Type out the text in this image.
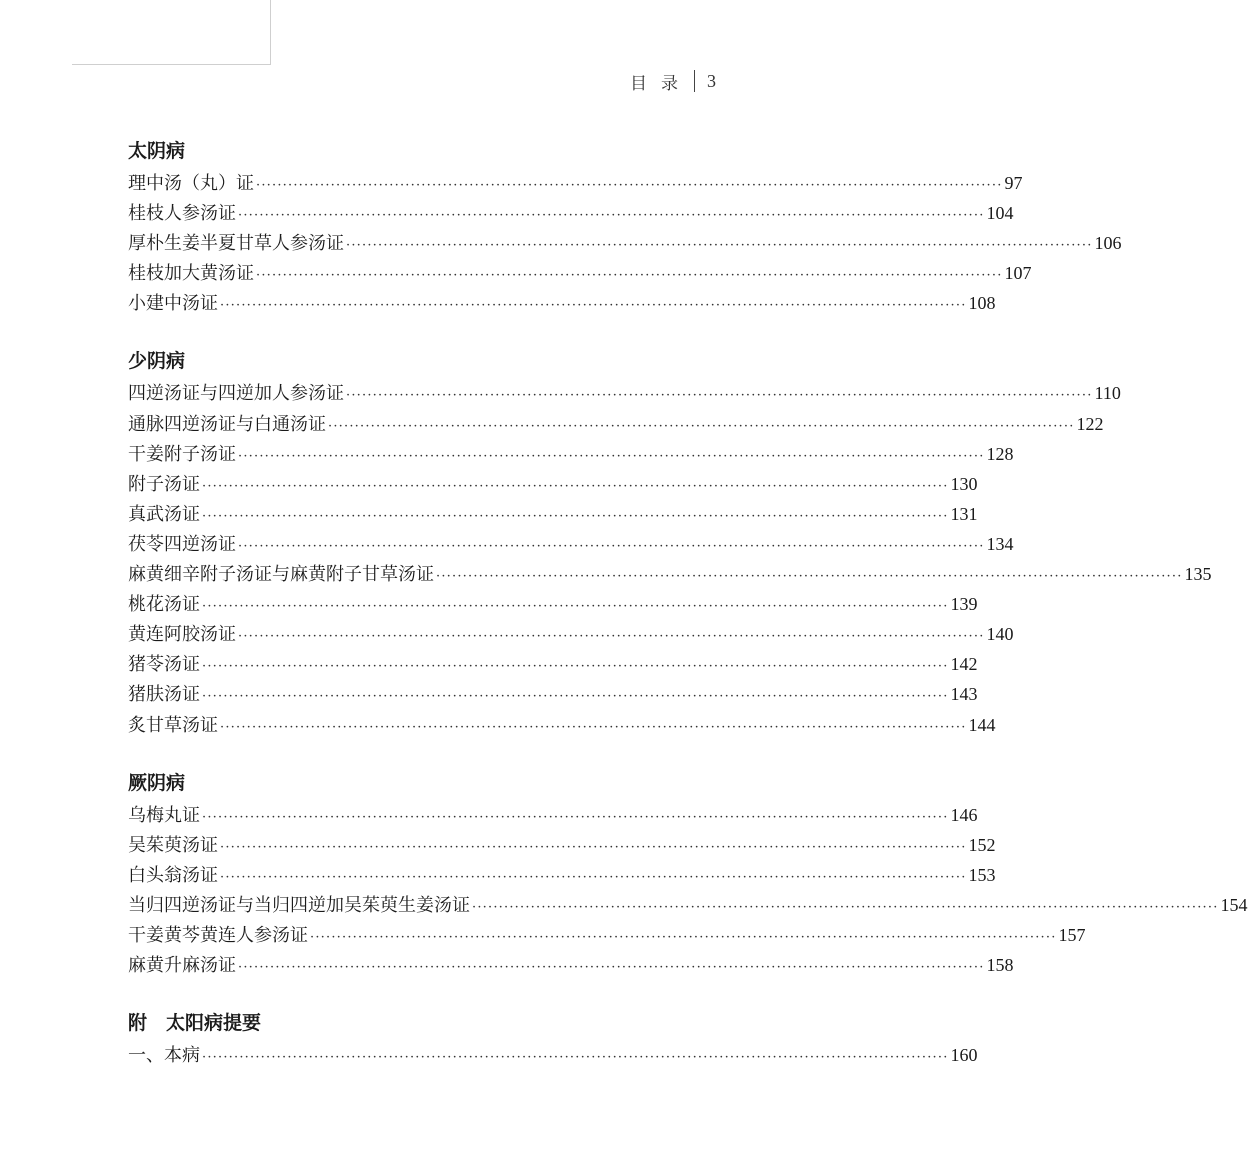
目录 3
太阴病
理中汤（丸）证 ············································································································································ 97
桂枝人参汤证 ············································································································································ 104
厚朴生姜半夏甘草人参汤证 ············································································································································ 106
桂枝加大黄汤证 ············································································································································ 107
小建中汤证 ············································································································································ 108
少阴病
四逆汤证与四逆加人参汤证 ············································································································································ 110
通脉四逆汤证与白通汤证 ············································································································································ 122
干姜附子汤证 ············································································································································ 128
附子汤证 ············································································································································ 130
真武汤证 ············································································································································ 131
茯苓四逆汤证 ············································································································································ 134
麻黄细辛附子汤证与麻黄附子甘草汤证 ············································································································································ 135
桃花汤证 ············································································································································ 139
黄连阿胶汤证 ············································································································································ 140
猪苓汤证 ············································································································································ 142
猪肤汤证 ············································································································································ 143
炙甘草汤证 ············································································································································ 144
厥阴病
乌梅丸证 ············································································································································ 146
吴茱萸汤证 ············································································································································ 152
白头翁汤证 ············································································································································ 153
当归四逆汤证与当归四逆加吴茱萸生姜汤证 ············································································································································ 154
干姜黄芩黄连人参汤证 ············································································································································ 157
麻黄升麻汤证 ············································································································································ 158
附　太阳病提要
一、本病 ············································································································································ 160
